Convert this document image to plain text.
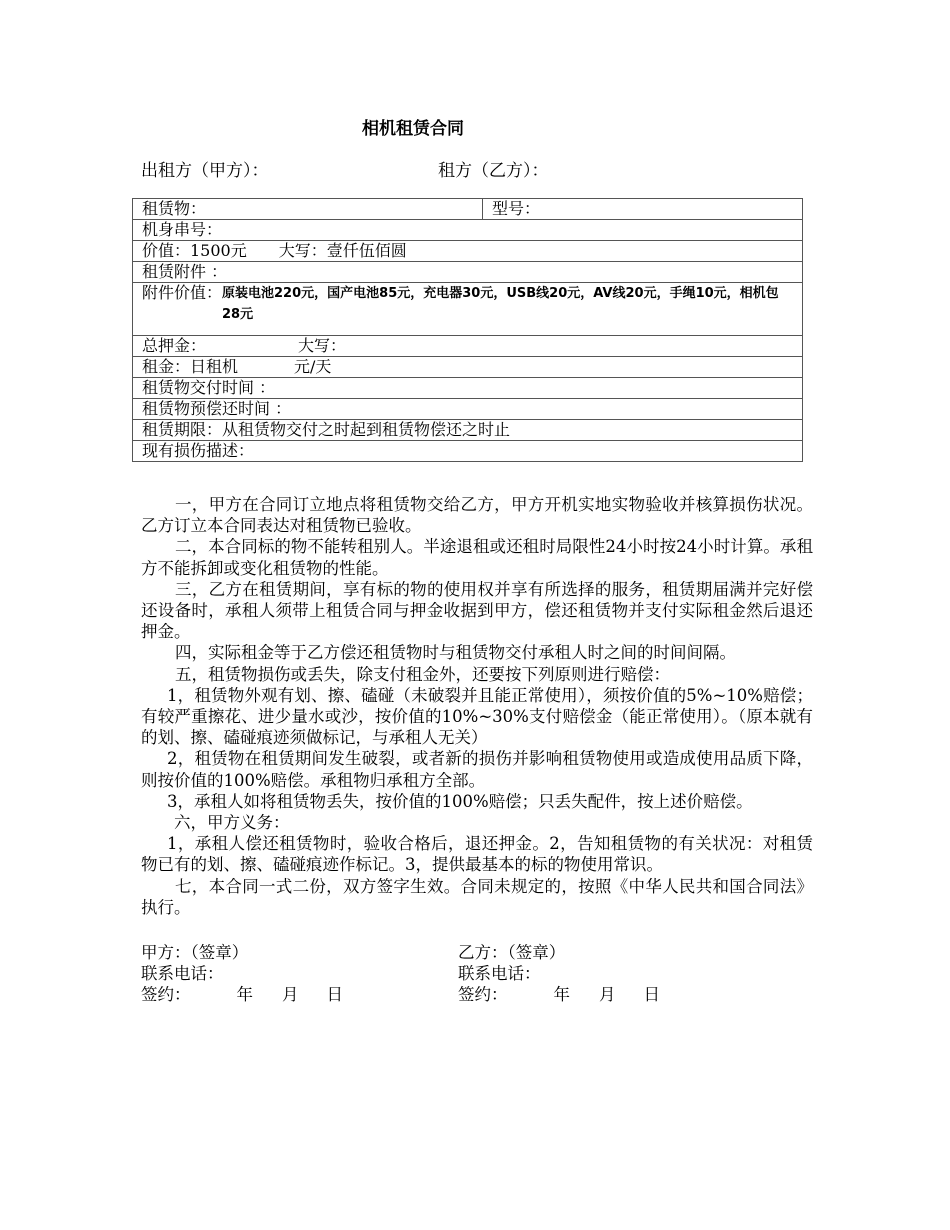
相机租赁合同
出租方（甲方）：	租方（乙方）：
租赁物：	型号：
机身串号：
价值：1500元 大写：壹仟伍佰圆
租赁附件 ：

附件价值： 原装电池220元，国产电池85元，充电器30元，USB线20元，AV线20元，手绳10元，相机包28元

总押金：	大写：
租金：日租机	元/天
租赁物交付时间 ：
租赁物预偿还时间 ：
租赁期限：从租赁物交付之时起到租赁物偿还之时止
现有损伤描述：

一，甲方在合同订立地点将租赁物交给乙方，甲方开机实地实物验收并核算损伤状况。乙方订立本合同表达对租赁物已验收。

二，本合同标的物不能转租别人。半途退租或还租时局限性24小时按24小时计算。承租方不能拆卸或变化租赁物的性能。

三，乙方在租赁期间，享有标的物的使用权并享有所选择的服务，租赁期届满并完好偿还设备时，承租人须带上租赁合同与押金收据到甲方，偿还租赁物并支付实际租金然后退还押金。

四，实际租金等于乙方偿还租赁物时与租赁物交付承租人时之间的时间间隔。

五，租赁物损伤或丢失，除支付租金外，还要按下列原则进行赔偿：

1，租赁物外观有划、擦、磕碰（未破裂并且能正常使用），须按价值的5%~10%赔偿；有较严重擦花、进少量水或沙，按价值的10%~30%支付赔偿金（能正常使用）。（原本就有的划、擦、磕碰痕迹须做标记，与承租人无关）

2，租赁物在租赁期间发生破裂，或者新的损伤并影响租赁物使用或造成使用品质下降，则按价值的100%赔偿。承租物归承租方全部。

3，承租人如将租赁物丢失，按价值的100%赔偿；只丢失配件，按上述价赔偿。

六，甲方义务：

1，承租人偿还租赁物时，验收合格后，退还押金。2，告知租赁物的有关状况：对租赁物已有的划、擦、磕碰痕迹作标记。3，提供最基本的标的物使用常识。

七，本合同一式二份，双方签字生效。合同未规定的，按照《中华人民共和国合同法》执行。

甲方：（签章）
联系电话：
签约：	年 月 日
乙方：（签章）
联系电话：
签约：	年 月 日
